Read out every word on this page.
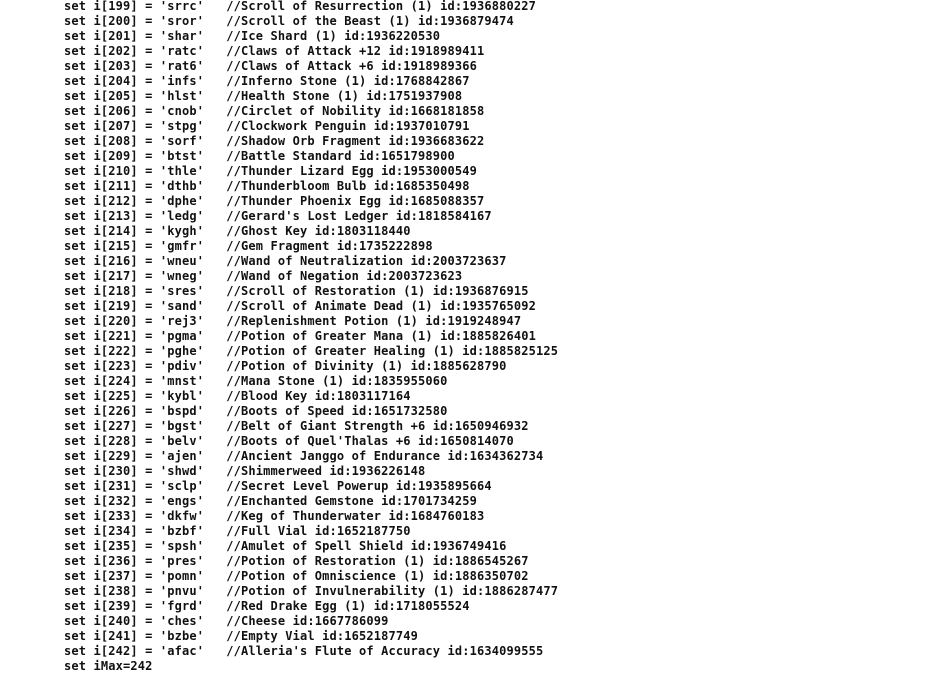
set i[199] = 'srrc'   //Scroll of Resurrection (1) id:1936880227
set i[200] = 'sror'   //Scroll of the Beast (1) id:1936879474
set i[201] = 'shar'   //Ice Shard (1) id:1936220530
set i[202] = 'ratc'   //Claws of Attack +12 id:1918989411
set i[203] = 'rat6'   //Claws of Attack +6 id:1918989366
set i[204] = 'infs'   //Inferno Stone (1) id:1768842867
set i[205] = 'hlst'   //Health Stone (1) id:1751937908
set i[206] = 'cnob'   //Circlet of Nobility id:1668181858
set i[207] = 'stpg'   //Clockwork Penguin id:1937010791
set i[208] = 'sorf'   //Shadow Orb Fragment id:1936683622
set i[209] = 'btst'   //Battle Standard id:1651798900
set i[210] = 'thle'   //Thunder Lizard Egg id:1953000549
set i[211] = 'dthb'   //Thunderbloom Bulb id:1685350498
set i[212] = 'dphe'   //Thunder Phoenix Egg id:1685088357
set i[213] = 'ledg'   //Gerard's Lost Ledger id:1818584167
set i[214] = 'kygh'   //Ghost Key id:1803118440
set i[215] = 'gmfr'   //Gem Fragment id:1735222898
set i[216] = 'wneu'   //Wand of Neutralization id:2003723637
set i[217] = 'wneg'   //Wand of Negation id:2003723623
set i[218] = 'sres'   //Scroll of Restoration (1) id:1936876915
set i[219] = 'sand'   //Scroll of Animate Dead (1) id:1935765092
set i[220] = 'rej3'   //Replenishment Potion (1) id:1919248947
set i[221] = 'pgma'   //Potion of Greater Mana (1) id:1885826401
set i[222] = 'pghe'   //Potion of Greater Healing (1) id:1885825125
set i[223] = 'pdiv'   //Potion of Divinity (1) id:1885628790
set i[224] = 'mnst'   //Mana Stone (1) id:1835955060
set i[225] = 'kybl'   //Blood Key id:1803117164
set i[226] = 'bspd'   //Boots of Speed id:1651732580
set i[227] = 'bgst'   //Belt of Giant Strength +6 id:1650946932
set i[228] = 'belv'   //Boots of Quel'Thalas +6 id:1650814070
set i[229] = 'ajen'   //Ancient Janggo of Endurance id:1634362734
set i[230] = 'shwd'   //Shimmerweed id:1936226148
set i[231] = 'sclp'   //Secret Level Powerup id:1935895664
set i[232] = 'engs'   //Enchanted Gemstone id:1701734259
set i[233] = 'dkfw'   //Keg of Thunderwater id:1684760183
set i[234] = 'bzbf'   //Full Vial id:1652187750
set i[235] = 'spsh'   //Amulet of Spell Shield id:1936749416
set i[236] = 'pres'   //Potion of Restoration (1) id:1886545267
set i[237] = 'pomn'   //Potion of Omniscience (1) id:1886350702
set i[238] = 'pnvu'   //Potion of Invulnerability (1) id:1886287477
set i[239] = 'fgrd'   //Red Drake Egg (1) id:1718055524
set i[240] = 'ches'   //Cheese id:1667786099
set i[241] = 'bzbe'   //Empty Vial id:1652187749
set i[242] = 'afac'   //Alleria's Flute of Accuracy id:1634099555
set iMax=242
